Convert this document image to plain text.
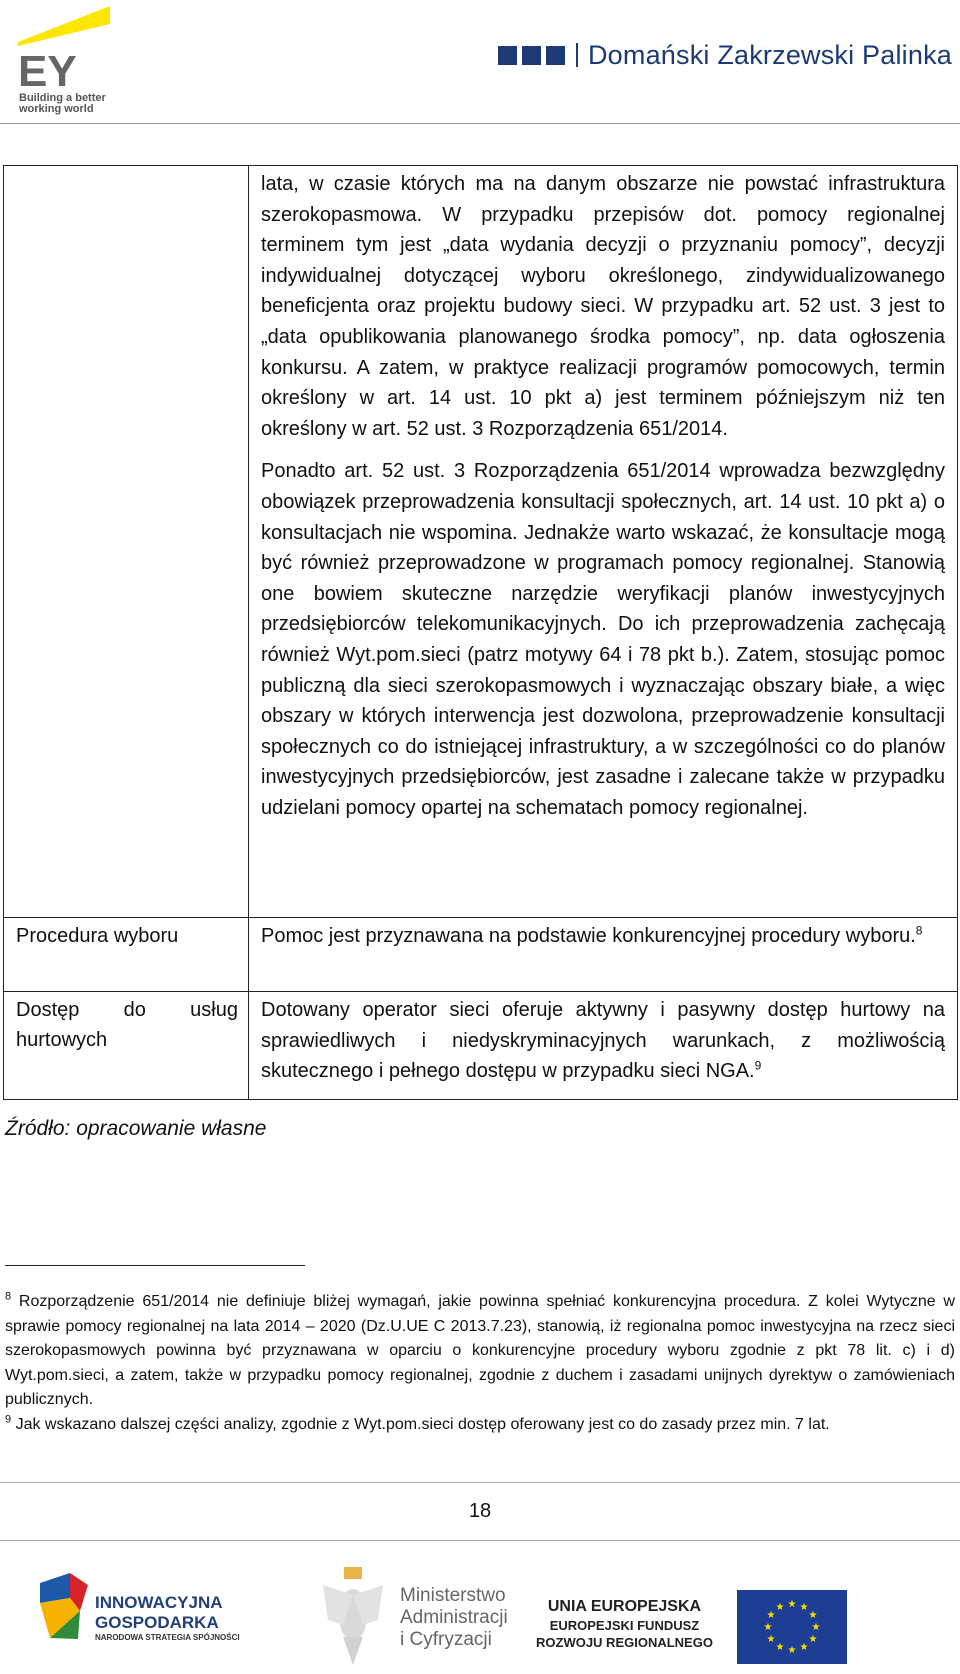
EY
Building a better
working world
Domański Zakrzewski Palinka

	lata, w czasie których ma na danym obszarze nie powstać infrastruktura szerokopasmowa. W przypadku przepisów dot. pomocy regionalnej terminem tym jest „data wydania decyzji o przyznaniu pomocy”, decyzji indywidualnej dotyczącej wyboru określonego, zindywidualizowanego beneficjenta oraz projektu budowy sieci. W przypadku art. 52 ust. 3 jest to „data opublikowania planowanego środka pomocy”, np. data ogłoszenia konkursu. A zatem, w praktyce realizacji programów pomocowych, termin określony w art. 14 ust. 10 pkt a) jest terminem późniejszym niż ten określony w art. 52 ust. 3 Rozporządzenia 651/2014.

Ponadto art. 52 ust. 3 Rozporządzenia 651/2014 wprowadza bezwzględny obowiązek przeprowadzenia konsultacji społecznych, art. 14 ust. 10 pkt a) o konsultacjach nie wspomina. Jednakże warto wskazać, że konsultacje mogą być również przeprowadzone w programach pomocy regionalnej. Stanowią one bowiem skuteczne narzędzie weryfikacji planów inwestycyjnych przedsiębiorców telekomunikacyjnych. Do ich przeprowadzenia zachęcają również Wyt.pom.sieci (patrz motywy 64 i 78 pkt b.). Zatem, stosując pomoc publiczną dla sieci szerokopasmowych i wyznaczając obszary białe, a więc obszary w których interwencja jest dozwolona, przeprowadzenie konsultacji społecznych co do istniejącej infrastruktury, a w szczególności co do planów inwestycyjnych przedsiębiorców, jest zasadne i zalecane także w przypadku udzielani pomocy opartej na schematach pomocy regionalnej.

Procedura wyboru	Pomoc jest przyznawana na podstawie konkurencyjnej procedury wyboru.$^8$
Dostęp do usług hurtowych	Dotowany operator sieci oferuje aktywny i pasywny dostęp hurtowy na sprawiedliwych i niedyskryminacyjnych warunkach, z możliwością skutecznego i pełnego dostępu w przypadku sieci NGA.$^9$
Źródło: opracowanie własne

$^8$ Rozporządzenie 651/2014 nie definiuje bliżej wymagań, jakie powinna spełniać konkurencyjna procedura. Z kolei Wytyczne w sprawie pomocy regionalnej na lata 2014 – 2020 (Dz.U.UE C 2013.7.23), stanowią, iż regionalna pomoc inwestycyjna na rzecz sieci szerokopasmowych powinna być przyznawana w oparciu o konkurencyjne procedury wyboru zgodnie z pkt 78 lit. c) i d) Wyt.pom.sieci, a zatem, także w przypadku pomocy regionalnej, zgodnie z duchem i zasadami unijnych dyrektyw o zamówieniach publicznych.

$^9$ Jak wskazano dalszej części analizy, zgodnie z Wyt.pom.sieci dostęp oferowany jest co do zasady przez min. 7 lat.

18
INNOWACYJNA
GOSPODARKA
NARODOWA STRATEGIA SPÓJNOŚCI
Ministerstwo
Administracji
i Cyfryzacji
UNIA EUROPEJSKA
EUROPEJSKI FUNDUSZ
ROZWOJU REGIONALNEGO
★ ★
★
★
★
★
★
★
★
★
★
★
